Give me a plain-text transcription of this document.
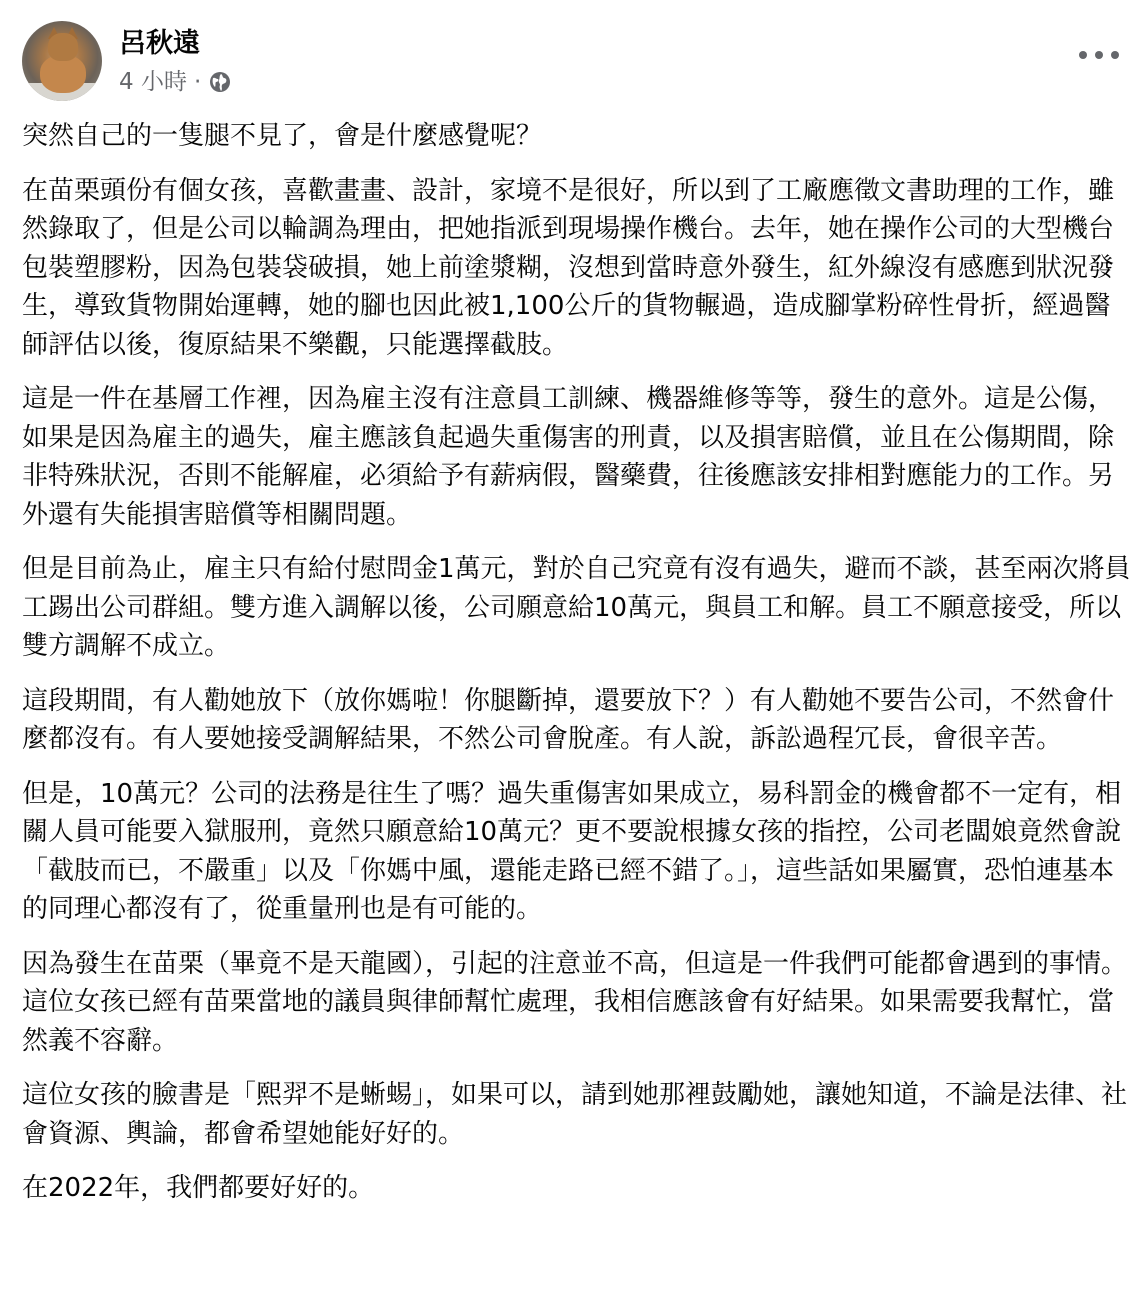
呂秋遠
4 小時 ·

突然自己的一隻腿不見了，會是什麼感覺呢？

在苗栗頭份有個女孩，喜歡畫畫、設計，家境不是很好，所以到了工廠應徵文書助理的工作，雖然錄取了，但是公司以輪調為理由，把她指派到現場操作機台。去年，她在操作公司的大型機台包裝塑膠粉，因為包裝袋破損，她上前塗漿糊，沒想到當時意外發生，紅外線沒有感應到狀況發生，導致貨物開始運轉，她的腳也因此被1,100公斤的貨物輾過，造成腳掌粉碎性骨折，經過醫師評估以後，復原結果不樂觀，只能選擇截肢。

這是一件在基層工作裡，因為雇主沒有注意員工訓練、機器維修等等，發生的意外。這是公傷，如果是因為雇主的過失，雇主應該負起過失重傷害的刑責，以及損害賠償，並且在公傷期間，除非特殊狀況，否則不能解雇，必須給予有薪病假，醫藥費，往後應該安排相對應能力的工作。另外還有失能損害賠償等相關問題。

但是目前為止，雇主只有給付慰問金1萬元，對於自己究竟有沒有過失，避而不談，甚至兩次將員工踢出公司群組。雙方進入調解以後，公司願意給10萬元，與員工和解。員工不願意接受，所以雙方調解不成立。

這段期間，有人勸她放下（放你媽啦！你腿斷掉，還要放下？）有人勸她不要告公司，不然會什麼都沒有。有人要她接受調解結果，不然公司會脫產。有人說，訴訟過程冗長，會很辛苦。

但是，10萬元？公司的法務是往生了嗎？過失重傷害如果成立，易科罰金的機會都不一定有，相關人員可能要入獄服刑，竟然只願意給10萬元？更不要說根據女孩的指控，公司老闆娘竟然會說「截肢而已，不嚴重」以及「你媽中風，還能走路已經不錯了。」，這些話如果屬實，恐怕連基本的同理心都沒有了，從重量刑也是有可能的。

因為發生在苗栗（畢竟不是天龍國），引起的注意並不高，但這是一件我們可能都會遇到的事情。這位女孩已經有苗栗當地的議員與律師幫忙處理，我相信應該會有好結果。如果需要我幫忙，當然義不容辭。

這位女孩的臉書是「熙羿不是蜥蜴」，如果可以，請到她那裡鼓勵她，讓她知道，不論是法律、社會資源、輿論，都會希望她能好好的。

在2022年，我們都要好好的。
